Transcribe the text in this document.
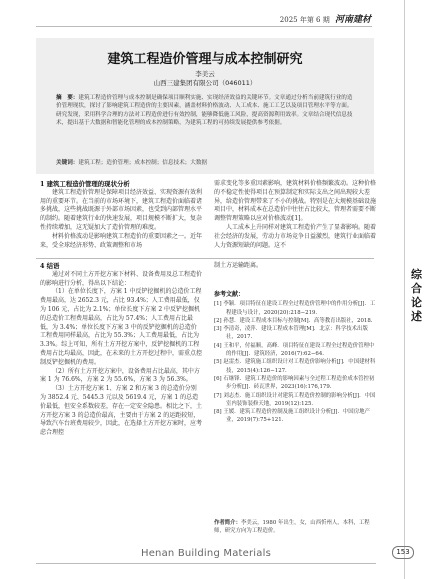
2025 年第 6 期 河南建材
综
合
论
述
建筑工程造价管理与成本控制研究
李美云
山西三建集团有限公司（046011）
摘　要：建筑工程造价管理与成本控制是确保项目顺利实施、实现经济效益的关键环节。文章通过分析当前建筑行业的造价管理现状，探讨了影响建筑工程造价的主要因素，涵盖材料价格波动、人工成本、施工工艺以及项目管理水平等方面。研究发现，采用科学合理的方法对工程造价进行有效控制，能够降低施工风险，提高资源利用效率。文章结合现代信息技术，提出基于大数据和智能化管理的成本控制策略，为建筑工程的可持续发展提供参考依据。
关键词：建筑工程；造价管理；成本控制；信息技术；大数据
1 建筑工程造价管理的现状分析

建筑工程造价管理是保障项目经济效益、实现资源有效利用的重要环节。在当前的市场环境下，建筑工程造价面临着诸多挑战，这些挑战既源于外部市场因素，也受到内部管理水平的制约。随着建筑行业的快速发展，项目规模不断扩大，复杂性持续增加，这无疑加大了造价管理的难度。

材料价格波动是影响建筑工程造价的重要因素之一。近年来，受全球经济形势、政策调整和市场

需求变化等多重因素影响，建筑材料价格频繁波动。这种价格的不稳定性使得项目在预算制定和实际支出之间出现较大差异，给造价管理带来了不小的挑战。特别是在大规模基础设施项目中，材料成本在总造价中往往占比较大，管理者需要不断调整管理策略以应对价格波动[1]。

人工成本上升同样对建筑工程造价产生了显著影响。随着社会经济的发展，劳动力市场竞争日益激烈，建筑行业面临着人力资源短缺的问题。这不

4 结语

通过对不同土方开挖方案下材料、设备费用及总工程造价的影响进行分析，得出以下结论：

（1）在单位长度下，方案 1 中反铲挖掘机的总造价工程费用最高，达 2652.3 元，占比 93.4%；人工费用最低，仅为 106 元，占比为 2.1%；单位长度下方案 2 中反铲挖掘机的总造价工程费用最高，占比为 57.4%；人工费用占比最低，为 3.4%；单位长度下方案 3 中的反铲挖掘机的总造价工程费用同样最高，占比为 55.3%；人工费用最低，占比为 3.3%。综上可知，所有土方开挖方案中，反铲挖掘机的工程费用占比均最高，因此，在未来的土方开挖过程中，需重点控制反铲挖掘机的费用。

（2）所有土方开挖方案中，设备费用占比最高，其中方案 1 为 76.6%，方案 2 为 55.6%，方案 3 为 56.3%。

（3）土方开挖方案 1、方案 2 和方案 3 的总造价分别为 3852.4 元、5445.3 元以及 5619.4 元，方案 1 的总造价最低，但安全系数较差，存在一定安全隐患。相比之下，土方开挖方案 3 的总造价最高，主要由于方案 2 的运距较短，导致汽车台班费用较少，因此，在选择土方开挖方案时，应考虑合理控

制土方运输距离。

参考文献：
[1] 李颖．项目特征在建设工程全过程造价管理中的作用分析[J]．工程建设与设计，2020(20):218−219.
[2] 孙慧．建设工程成本目标与控制[M]．高等教育出版社，2018.
[3] 李清奇，凌萍．建设工程成本管理[M]．北京：科学技术出版社，2017.
[4] 王和平，付福顺，高峰．项目特征在建设工程全过程造价管理中的作用[J]．建筑经济，2016(7):62−64.
[5] 赵雷杰．建筑施工组织设计对工程造价影响分析[J]．中国建材科技，2015(4):126−127.
[6] 石继锋．建筑工程造价的影响因素与全过程工程造价成本管控初步分析[J]．砖瓦世界，2023(16):176,179.
[7] 刘志杰．施工组织设计对建筑工程造价控制的影响分析[J]．中国室内装饰装修天地，2019(12):125.
[8] 王媛．建筑工程造价控制及施工组织设计分析[J]．中国房地产业，2019(7):75+121.
作者简介：李美云，1980 年出生，女，山西忻州人，本科，工程师，研究方向为工程造价。
Henan Building Materials	153
